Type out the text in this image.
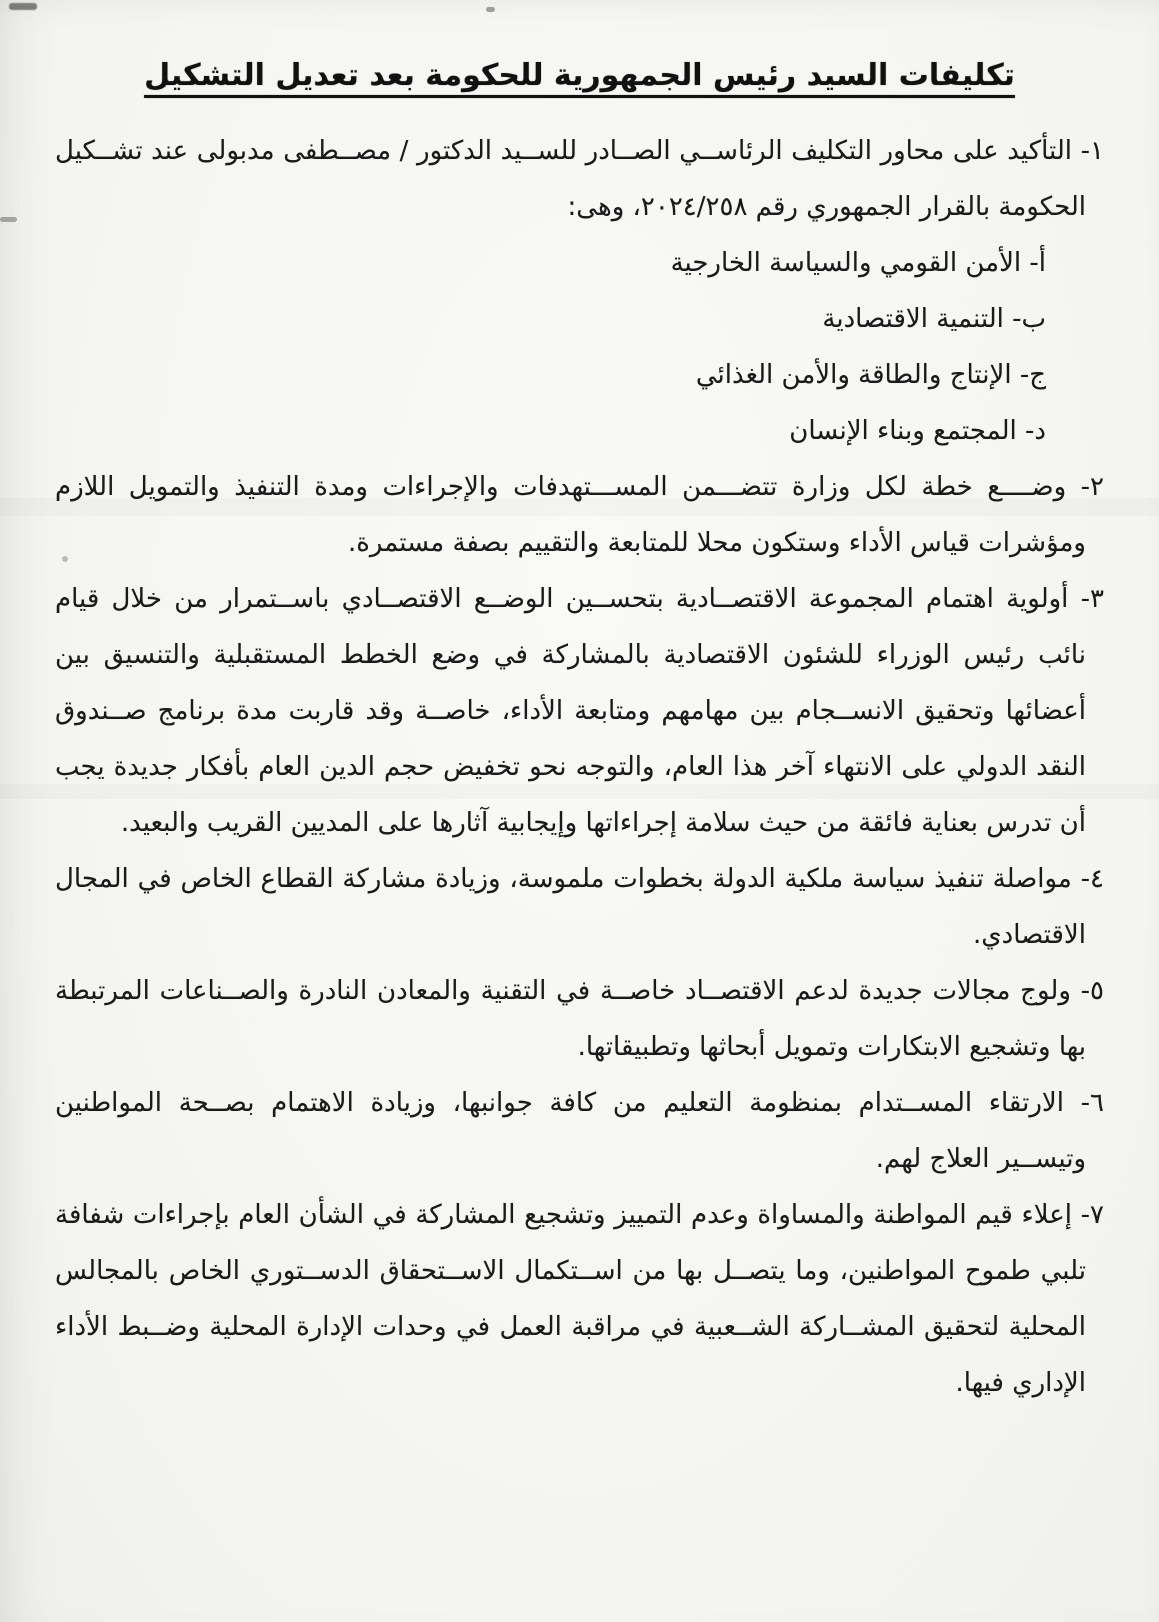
تكليفات السيد رئيس الجمهورية للحكومة بعد تعديل التشكيل

١- التأكيد على محاور التكليف الرئاســي الصــادر للســيد الدكتور / مصــطفى مدبولى عند تشــكيل الحكومة بالقرار الجمهوري رقم ٢٠٢٤/٢٥٨، وهى:

أ- الأمن القومي والسياسة الخارجية

ب- التنمية الاقتصادية

ج- الإنتاج والطاقة والأمن الغذائي

د- المجتمع وبناء الإنسان

٢- وضــــع خطة لكل وزارة تتضـــمن المســـتهدفات والإجراءات ومدة التنفيذ والتمويل اللازم ومؤشرات قياس الأداء وستكون محلا للمتابعة والتقييم بصفة مستمرة.

٣- أولوية اهتمام المجموعة الاقتصــادية بتحســين الوضــع الاقتصــادي باســتمرار من خلال قيام نائب رئيس الوزراء للشئون الاقتصادية بالمشاركة في وضع الخطط المستقبلية والتنسيق بين أعضائها وتحقيق الانســجام بين مهامهم ومتابعة الأداء، خاصــة وقد قاربت مدة برنامج صــندوق النقد الدولي على الانتهاء آخر هذا العام، والتوجه نحو تخفيض حجم الدين العام بأفكار جديدة يجب أن تدرس بعناية فائقة من حيث سلامة إجراءاتها وإيجابية آثارها على المديين القريب والبعيد.

٤- مواصلة تنفيذ سياسة ملكية الدولة بخطوات ملموسة، وزيادة مشاركة القطاع الخاص في المجال الاقتصادي.

٥- ولوج مجالات جديدة لدعم الاقتصــاد خاصــة في التقنية والمعادن النادرة والصــناعات المرتبطة بها وتشجيع الابتكارات وتمويل أبحاثها وتطبيقاتها.

٦- الارتقاء المســتدام بمنظومة التعليم من كافة جوانبها، وزيادة الاهتمام بصــحة المواطنين وتيســير العلاج لهم.

٧- إعلاء قيم المواطنة والمساواة وعدم التمييز وتشجيع المشاركة في الشأن العام بإجراءات شفافة تلبي طموح المواطنين، وما يتصــل بها من اســتكمال الاســتحقاق الدســتوري الخاص بالمجالس المحلية لتحقيق المشــاركة الشــعبية في مراقبة العمل في وحدات الإدارة المحلية وضــبط الأداء الإداري فيها.
